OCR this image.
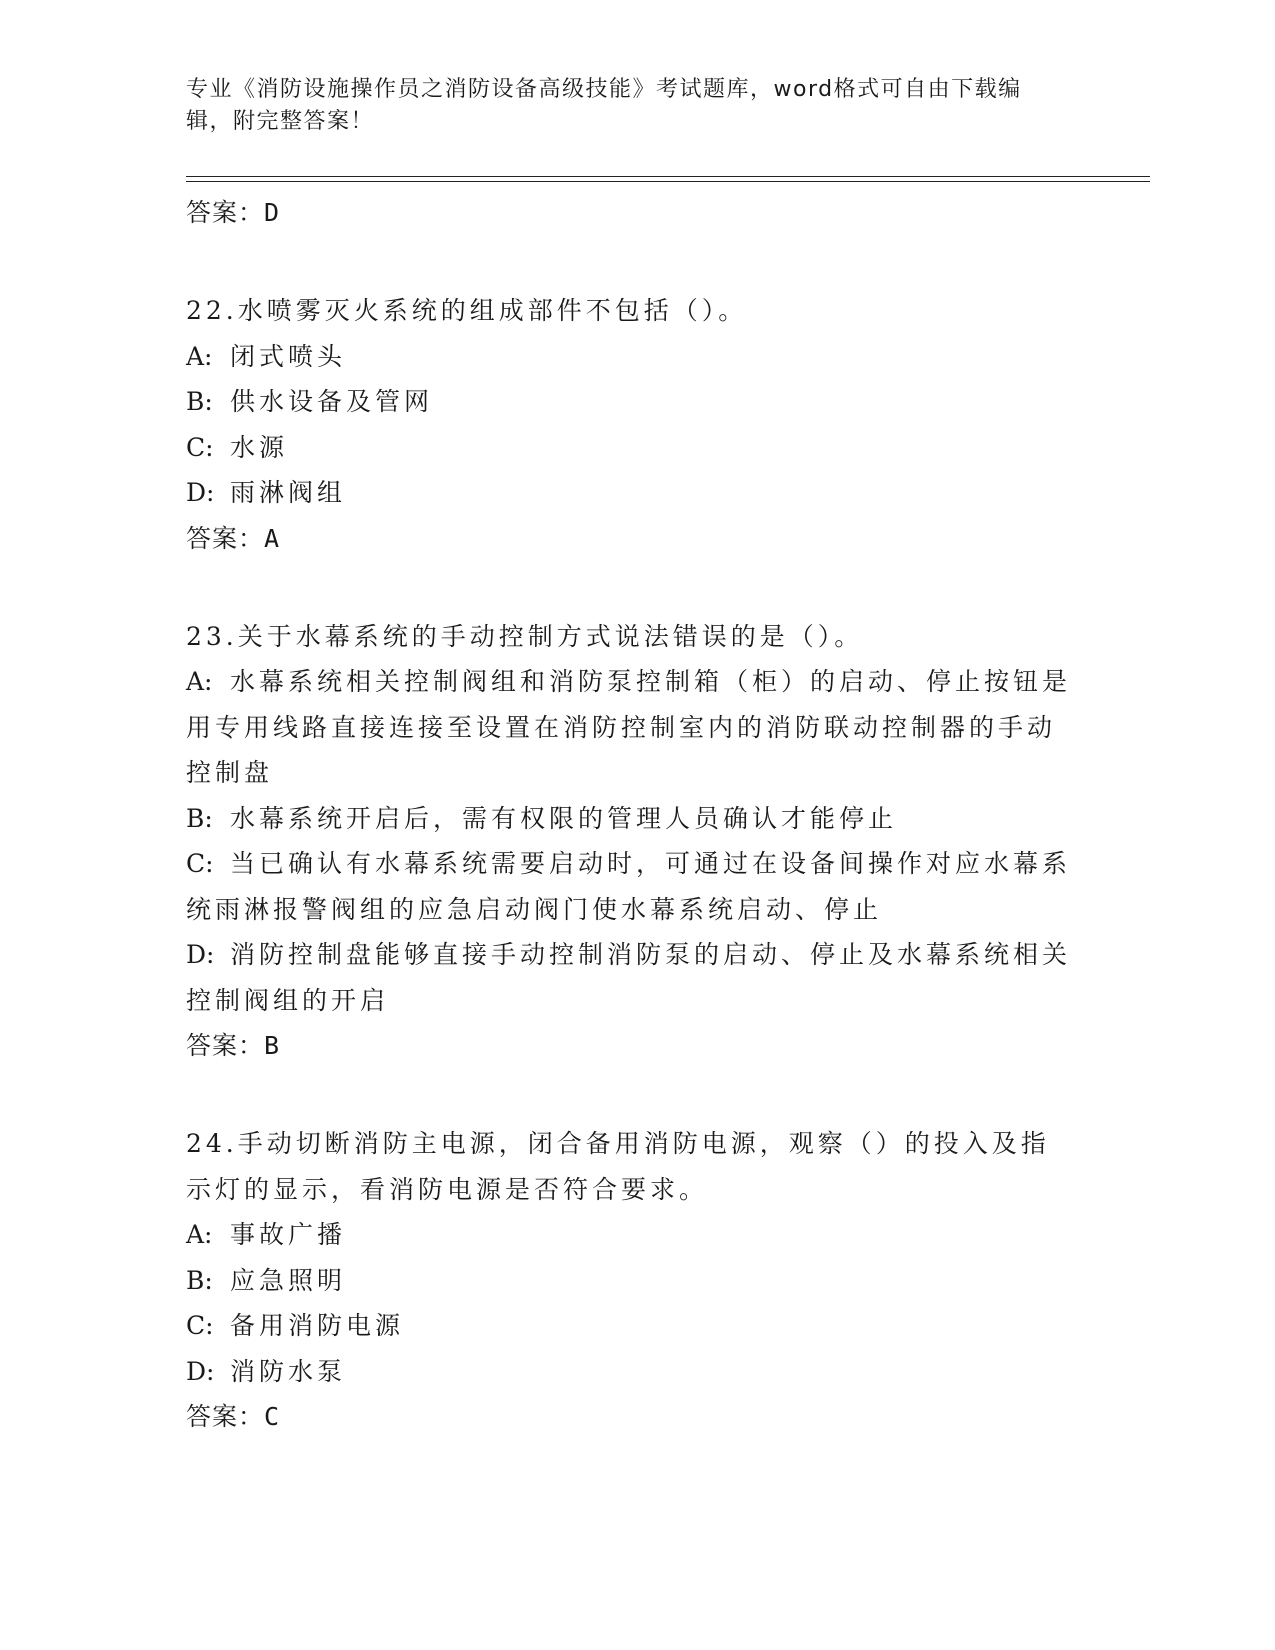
专业《消防设施操作员之消防设备高级技能》考试题库，word格式可自由下载编辑，附完整答案！

答案：D

22.水喷雾灭火系统的组成部件不包括（）。

A: 闭式喷头

B: 供水设备及管网

C: 水源

D: 雨淋阀组

答案：A

23.关于水幕系统的手动控制方式说法错误的是（）。

A: 水幕系统相关控制阀组和消防泵控制箱（柜）的启动、停止按钮是用专用线路直接连接至设置在消防控制室内的消防联动控制器的手动控制盘

B: 水幕系统开启后，需有权限的管理人员确认才能停止

C: 当已确认有水幕系统需要启动时，可通过在设备间操作对应水幕系统雨淋报警阀组的应急启动阀门使水幕系统启动、停止

D: 消防控制盘能够直接手动控制消防泵的启动、停止及水幕系统相关控制阀组的开启

答案：B

24.手动切断消防主电源，闭合备用消防电源，观察（）的投入及指示灯的显示，看消防电源是否符合要求。

A: 事故广播

B: 应急照明

C: 备用消防电源

D: 消防水泵

答案：C
